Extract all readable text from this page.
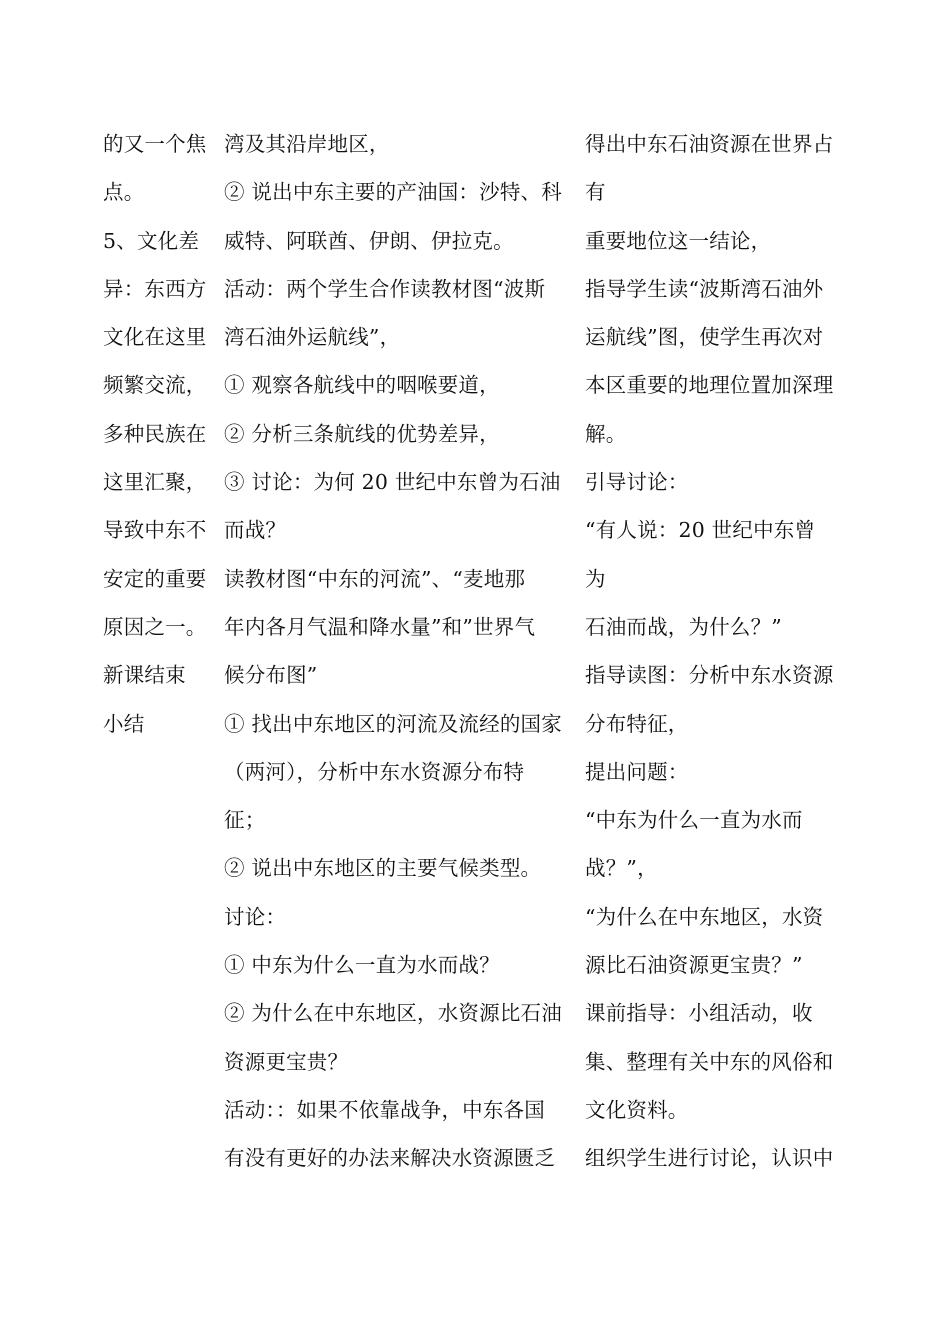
的又一个焦
点。
5、文化差
异：东西方
文化在这里
频繁交流，
多种民族在
这里汇聚，
导致中东不
安定的重要
原因之一。
新课结束
小结
湾及其沿岸地区，
② 说出中东主要的产油国：沙特、科
威特、阿联酋、伊朗、伊拉克。
活动：两个学生合作读教材图“波斯
湾石油外运航线”，
① 观察各航线中的咽喉要道，
② 分析三条航线的优势差异，
③ 讨论：为何 20 世纪中东曾为石油
而战？
读教材图“中东的河流”、“麦地那
年内各月气温和降水量”和”世界气
候分布图”
① 找出中东地区的河流及流经的国家
（两河），分析中东水资源分布特
征；
② 说出中东地区的主要气候类型。
讨论：
① 中东为什么一直为水而战？
② 为什么在中东地区，水资源比石油
资源更宝贵？
活动：：如果不依靠战争，中东各国
有没有更好的办法来解决水资源匮乏
得出中东石油资源在世界占
有
重要地位这一结论，
指导学生读“波斯湾石油外
运航线”图，使学生再次对
本区重要的地理位置加深理
解。
引导讨论：
“有人说：20 世纪中东曾
为
石油而战，为什么？”
指导读图：分析中东水资源
分布特征，
提出问题：
“中东为什么一直为水而
战？”，
“为什么在中东地区，水资
源比石油资源更宝贵？”
课前指导：小组活动，收
集、整理有关中东的风俗和
文化资料。
组织学生进行讨论，认识中
